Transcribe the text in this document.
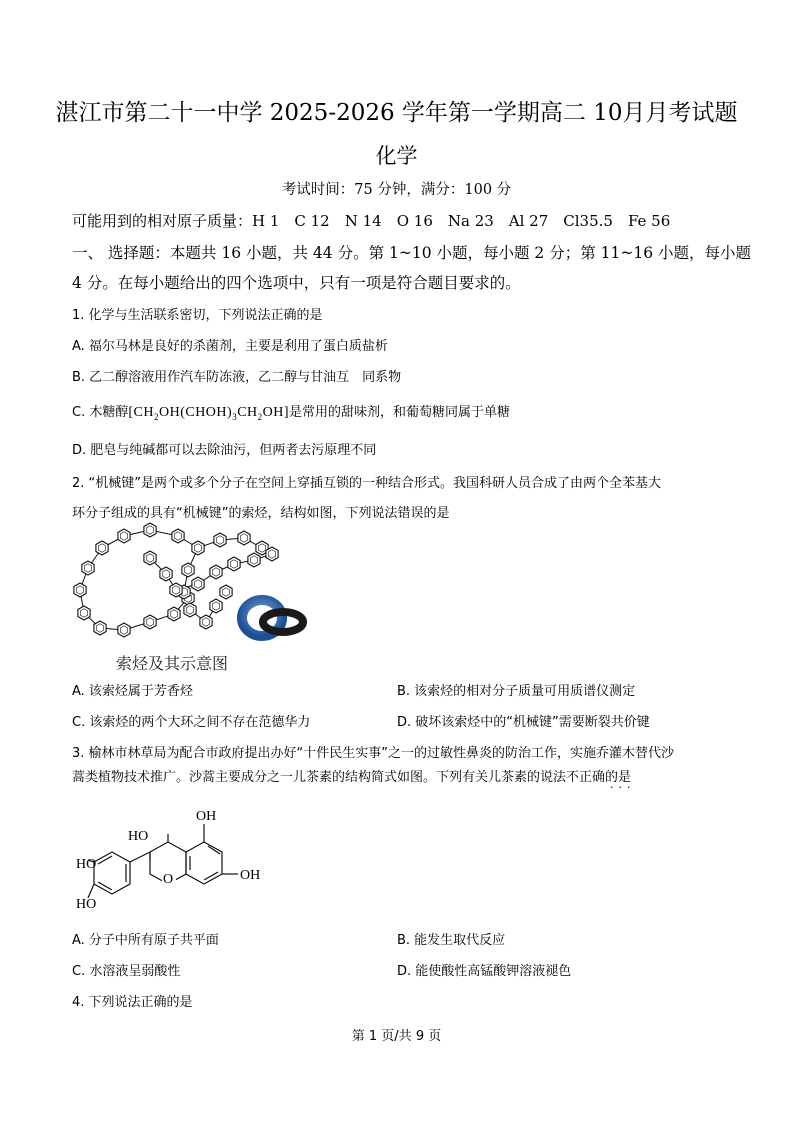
湛江市第二十一中学 2025-2026 学年第一学期高二 10月月考试题
化学
考试时间：75 分钟，满分：100 分
可能用到的相对原子质量：H 1　C 12　N 14　O 16　Na 23　Al 27　Cl35.5　Fe 56
一、 选择题：本题共 16 小题，共 44 分。第 1~10 小题，每小题 2 分；第 11~16 小题，每小题
4 分。在每小题给出的四个选项中，只有一项是符合题目要求的。
1. 化学与生活联系密切，下列说法正确的是
A. 福尔马林是良好的杀菌剂，主要是利用了蛋白质盐析
B. 乙二醇溶液用作汽车防冻液，乙二醇与甘油互　同系物
C. 木糖醇$[CH_2OH(CHOH)_3CH_2OH]$是常用的甜味剂，和葡萄糖同属于单糖
D. 肥皂与纯碱都可以去除油污，但两者去污原理不同
2. “机械键”是两个或多个分子在空间上穿插互锁的一种结合形式。我国科研人员合成了由两个全苯基大
环分子组成的具有“机械键”的索烃，结构如图，下列说法错误的是
索烃及其示意图
A. 该索烃属于芳香烃	B. 该索烃的相对分子质量可用质谱仪测定
C. 该索烃的两个大环之间不存在范德华力	D. 破坏该索烃中的“机械键”需要断裂共价键
3. 榆林市林草局为配合市政府提出办好“十件民生实事”之一的过敏性鼻炎的防治工作，实施乔灌木替代沙
蒿类植物技术推广。沙蒿主要成分之一儿茶素的结构简式如图。下列有关儿茶素的说法不正确的是
···
O
HO
HO
HO
OH
OH
A. 分子中所有原子共平面	B. 能发生取代反应
C. 水溶液呈弱酸性	D. 能使酸性高锰酸钾溶液褪色
4. 下列说法正确的是
第 1 页/共 9 页
